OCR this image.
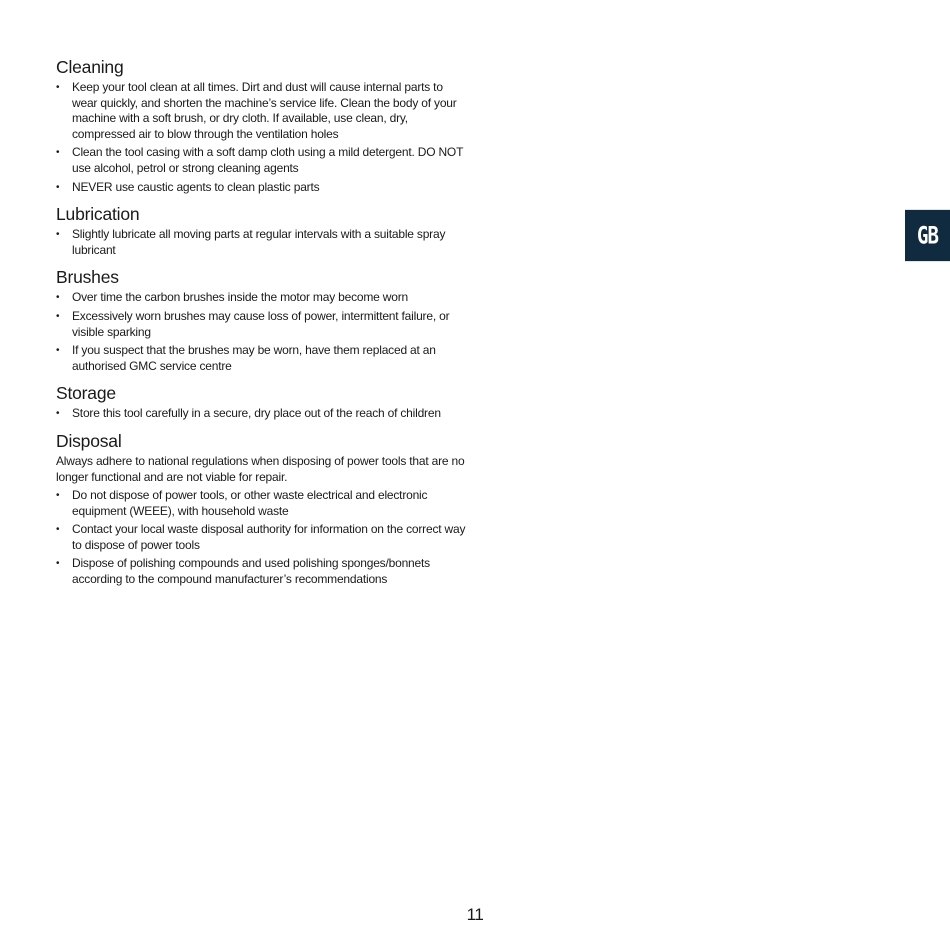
Cleaning
• Keep your tool clean at all times. Dirt and dust will cause internal parts to wear quickly, and shorten the machine’s service life. Clean the body of your machine with a soft brush, or dry cloth. If available, use clean, dry, compressed air to blow through the ventilation holes
• Clean the tool casing with a soft damp cloth using a mild detergent. DO NOT use alcohol, petrol or strong cleaning agents
• NEVER use caustic agents to clean plastic parts
Lubrication
• Slightly lubricate all moving parts at regular intervals with a suitable spray lubricant
Brushes
• Over time the carbon brushes inside the motor may become worn
• Excessively worn brushes may cause loss of power, intermittent failure, or visible sparking
• If you suspect that the brushes may be worn, have them replaced at an authorised GMC service centre
Storage
• Store this tool carefully in a secure, dry place out of the reach of children
Disposal

Always adhere to national regulations when disposing of power tools that are no longer functional and are not viable for repair.

• Do not dispose of power tools, or other waste electrical and electronic equipment (WEEE), with household waste
• Contact your local waste disposal authority for information on the correct way to dispose of power tools
• Dispose of polishing compounds and used polishing sponges/bonnets according to the compound manufacturer’s recommendations
GB
11
